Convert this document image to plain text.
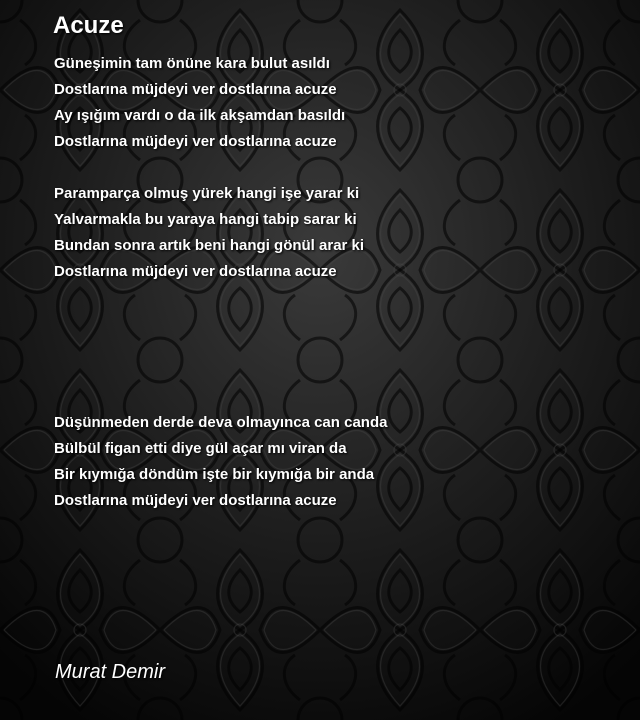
Acuze
Güneşimin tam önüne kara bulut asıldı
Dostlarına müjdeyi ver dostlarına acuze
Ay ışığım vardı o da ilk akşamdan basıldı
Dostlarına müjdeyi ver dostlarına acuze
Paramparça olmuş yürek hangi işe yarar ki
Yalvarmakla bu yaraya hangi tabip sarar ki
Bundan sonra artık beni hangi gönül arar ki
Dostlarına müjdeyi ver dostlarına acuze
Düşünmeden derde deva olmayınca can canda
Bülbül figan etti diye gül açar mı viran da
Bir kıymığa döndüm işte bir kıymığa bir anda
Dostlarına müjdeyi ver dostlarına acuze
Murat Demir
